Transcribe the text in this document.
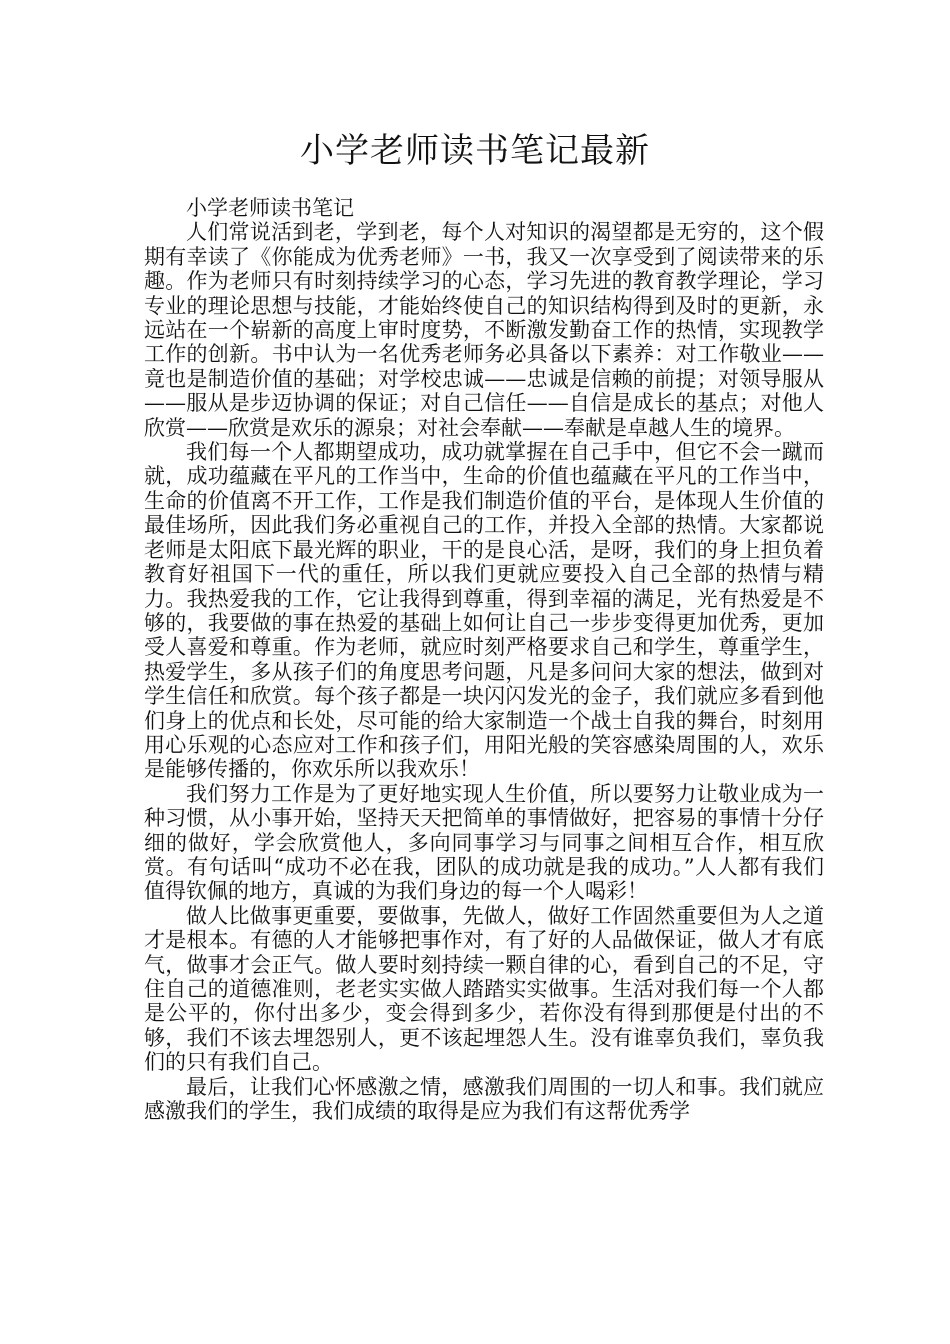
小学老师读书笔记最新

小学老师读书笔记

人们常说活到老，学到老，每个人对知识的渴望都是无穷的，这个假期有幸读了《你能成为优秀老师》一书，我又一次享受到了阅读带来的乐趣。作为老师只有时刻持续学习的心态，学习先进的教育教学理论，学习专业的理论思想与技能，才能始终使自己的知识结构得到及时的更新，永远站在一个崭新的高度上审时度势，不断激发勤奋工作的热情，实现教学工作的创新。书中认为一名优秀老师务必具备以下素养：对工作敬业——竟也是制造价值的基础；对学校忠诚——忠诚是信赖的前提；对领导服从——服从是步迈协调的保证；对自己信任——自信是成长的基点；对他人欣赏——欣赏是欢乐的源泉；对社会奉献——奉献是卓越人生的境界。

我们每一个人都期望成功，成功就掌握在自己手中，但它不会一蹴而就，成功蕴藏在平凡的工作当中，生命的价值也蕴藏在平凡的工作当中，生命的价值离不开工作，工作是我们制造价值的平台，是体现人生价值的最佳场所，因此我们务必重视自己的工作，并投入全部的热情。大家都说老师是太阳底下最光辉的职业，干的是良心活，是呀，我们的身上担负着教育好祖国下一代的重任，所以我们更就应要投入自己全部的热情与精力。我热爱我的工作，它让我得到尊重，得到幸福的满足，光有热爱是不够的，我要做的事在热爱的基础上如何让自己一步步变得更加优秀，更加受人喜爱和尊重。作为老师，就应时刻严格要求自己和学生，尊重学生，热爱学生，多从孩子们的角度思考问题，凡是多问问大家的想法，做到对学生信任和欣赏。每个孩子都是一块闪闪发光的金子，我们就应多看到他们身上的优点和长处，尽可能的给大家制造一个战士自我的舞台，时刻用用心乐观的心态应对工作和孩子们，用阳光般的笑容感染周围的人，欢乐是能够传播的，你欢乐所以我欢乐！

我们努力工作是为了更好地实现人生价值，所以要努力让敬业成为一种习惯，从小事开始，坚持天天把简单的事情做好，把容易的事情十分仔细的做好，学会欣赏他人，多向同事学习与同事之间相互合作，相互欣赏。有句话叫“成功不必在我，团队的成功就是我的成功。”人人都有我们值得钦佩的地方，真诚的为我们身边的每一个人喝彩！

做人比做事更重要，要做事，先做人，做好工作固然重要但为人之道才是根本。有德的人才能够把事作对，有了好的人品做保证，做人才有底气，做事才会正气。做人要时刻持续一颗自律的心，看到自己的不足，守住自己的道德准则，老老实实做人踏踏实实做事。生活对我们每一个人都是公平的，你付出多少，变会得到多少，若你没有得到那便是付出的不够，我们不该去埋怨别人，更不该起埋怨人生。没有谁辜负我们，辜负我们的只有我们自己。

最后，让我们心怀感激之情，感激我们周围的一切人和事。我们就应感激我们的学生，我们成绩的取得是应为我们有这帮优秀学
